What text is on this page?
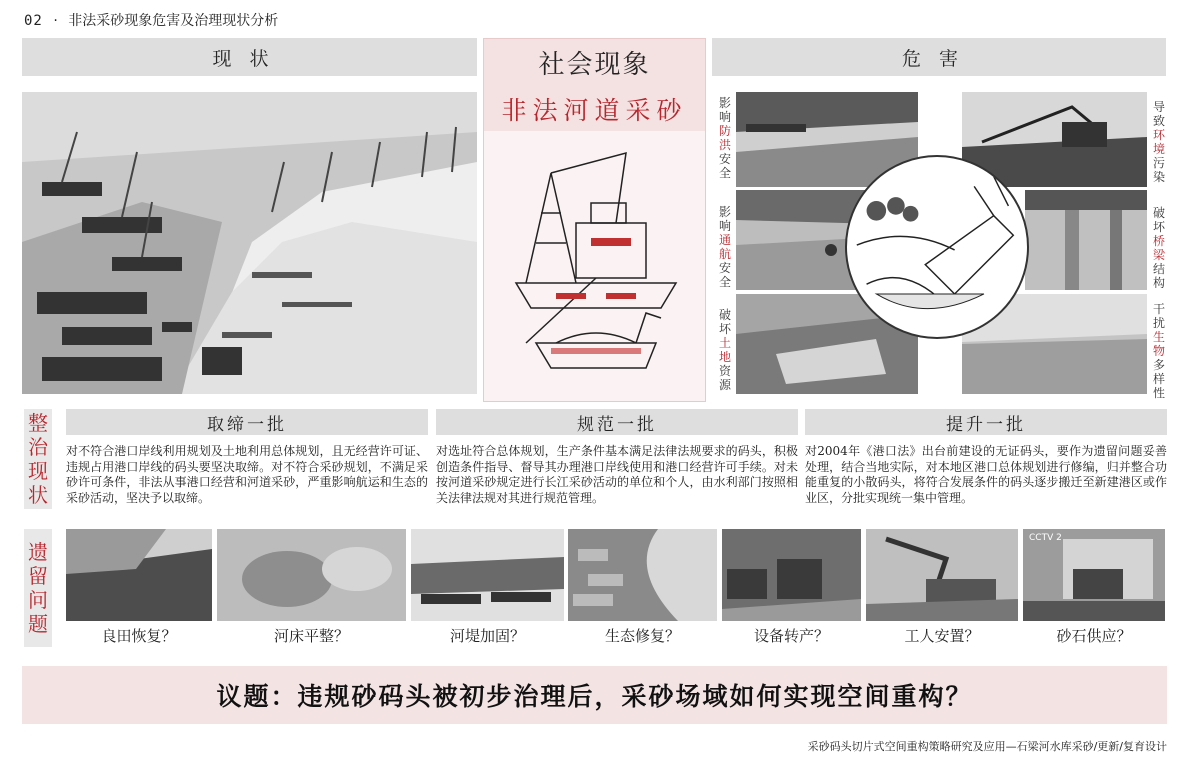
02 · 非法采砂现象危害及治理现状分析
现状	危害
社会现象
非法河道采砂	影响防洪安全
影响通航安全
破坏土地资源
导致环境污染
破坏桥梁结构
干扰生物多样性
整
治
现
状
取缔一批	规范一批	提升一批
对不符合港口岸线利用规划及土地利用总体规划，且无经营许可证、违规占用港口岸线的码头要坚决取缔。对不符合采砂规划，不满足采砂许可条件，非法从事港口经营和河道采砂，严重影响航运和生态的采砂活动，坚决予以取缔。
对选址符合总体规划，生产条件基本满足法律法规要求的码头，积极创造条件指导、督导其办理港口岸线使用和港口经营许可手续。对未按河道采砂规定进行长江采砂活动的单位和个人，由水利部门按照相关法律法规对其进行规范管理。
对2004年《港口法》出台前建设的无证码头，要作为遗留问题妥善处理，结合当地实际，对本地区港口总体规划进行修编，归并整合功能重复的小散码头，将符合发展条件的码头逐步搬迁至新建港区或作业区，分批实现统一集中管理。
遗
留
问
题
CCTV 2
良田恢复？	河床平整？	河堤加固？	生态修复？	设备转产？	工人安置？	砂石供应？
议题：违规砂码头被初步治理后，采砂场域如何实现空间重构？
采砂码头切片式空间重构策略研究及应用—石梁河水库采砂/更新/复育设计
